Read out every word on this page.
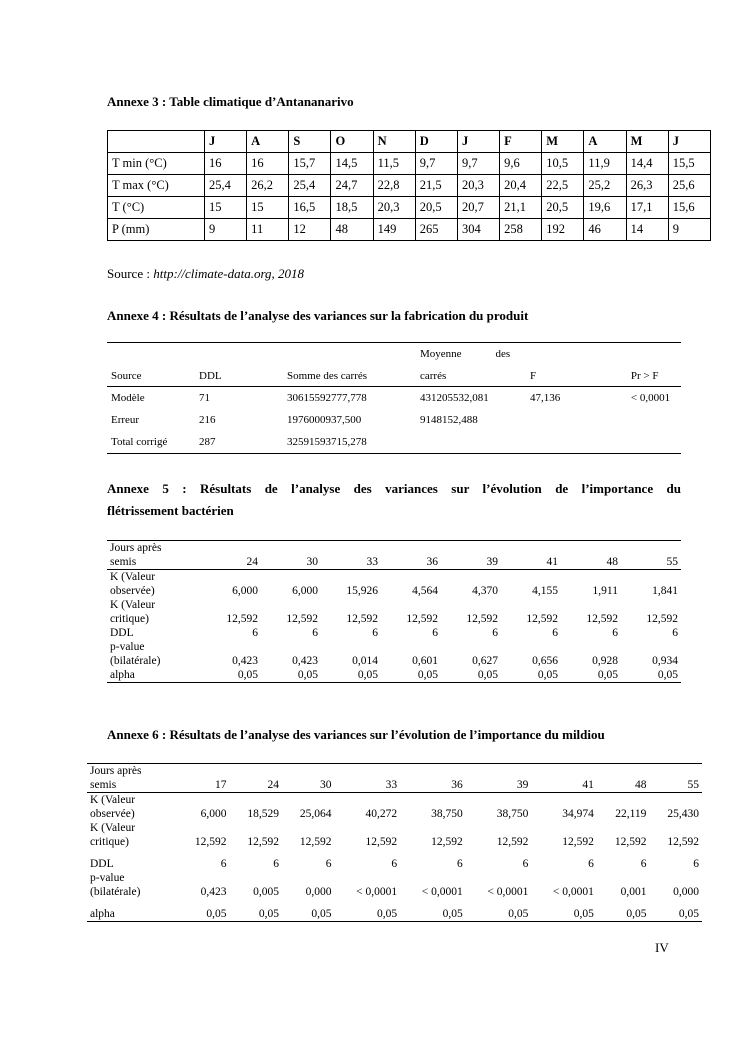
Annexe 3 : Table climatique d’Antananarivo

	J	A	S	O	N	D	J	F	M	A	M	J
T min (°C)	16	16	15,7	14,5	11,5	9,7	9,7	9,6	10,5	11,9	14,4	15,5
T max (°C)	25,4	26,2	25,4	24,7	22,8	21,5	20,3	20,4	22,5	25,2	26,3	25,6
T (°C)	15	15	16,5	18,5	20,3	20,5	20,7	21,1	20,5	19,6	17,1	15,6
P (mm)	9	11	12	48	149	265	304	258	192	46	14	9
Source : http://climate-data.org, 2018

Annexe 4 : Résultats de l’analyse des variances sur la fabrication du produit

			Moyenne des		
Source	DDL	Somme des carrés	carrés	F	Pr > F
Modèle	71	30615592777,778	431205532,081	47,136	< 0,0001
Erreur	216	1976000937,500	9148152,488		
Total corrigé	287	32591593715,278			

Annexe 5 : Résultats de l’analyse des variances sur l’évolution de l’importance du

flétrissement bactérien

Jours après
semis	24	30	33	36	39	41	48	55

K (Valeur
observée)	6,000	6,000	15,926	4,564	4,370	4,155	1,911	1,841

K (Valeur
critique)	12,592	12,592	12,592	12,592	12,592	12,592	12,592	12,592
DDL	6	6	6	6	6	6	6	6

p-value
(bilatérale)	0,423	0,423	0,014	0,601	0,627	0,656	0,928	0,934
alpha	0,05	0,05	0,05	0,05	0,05	0,05	0,05	0,05

Annexe 6 : Résultats de l’analyse des variances sur l’évolution de l’importance du mildiou

Jours après
semis	17	24	30	33	36	39	41	48	55

K (Valeur
observée)	6,000	18,529	25,064	40,272	38,750	38,750	34,974	22,119	25,430

K (Valeur
critique)	12,592	12,592	12,592	12,592	12,592	12,592	12,592	12,592	12,592
DDL	6	6	6	6	6	6	6	6	6

p-value
(bilatérale)	0,423	0,005	0,000	< 0,0001	< 0,0001	< 0,0001	< 0,0001	0,001	0,000
alpha	0,05	0,05	0,05	0,05	0,05	0,05	0,05	0,05	0,05
IV
